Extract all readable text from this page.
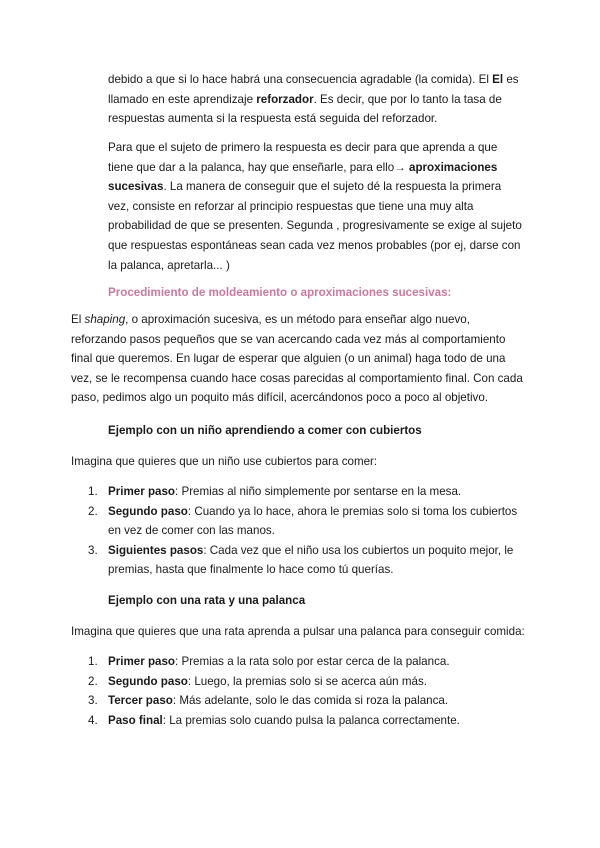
debido a que si lo hace habrá una consecuencia agradable (la comida). El El es llamado en este aprendizaje reforzador. Es decir, que por lo tanto la tasa de respuestas aumenta si la respuesta está seguida del reforzador.

Para que el sujeto de primero la respuesta es decir para que aprenda a que tiene que dar a la palanca, hay que enseñarle, para ello→ aproximaciones sucesivas. La manera de conseguir que el sujeto dé la respuesta la primera vez, consiste en reforzar al principio respuestas que tiene una muy alta probabilidad de que se presenten. Segunda , progresivamente se exige al sujeto que respuestas espontáneas sean cada vez menos probables (por ej, darse con la palanca, apretarla... )

Procedimiento de moldeamiento o aproximaciones sucesivas:

El shaping, o aproximación sucesiva, es un método para enseñar algo nuevo, reforzando pasos pequeños que se van acercando cada vez más al comportamiento final que queremos. En lugar de esperar que alguien (o un animal) haga todo de una vez, se le recompensa cuando hace cosas parecidas al comportamiento final. Con cada paso, pedimos algo un poquito más difícil, acercándonos poco a poco al objetivo.

Ejemplo con un niño aprendiendo a comer con cubiertos

Imagina que quieres que un niño use cubiertos para comer:

1. Primer paso: Premias al niño simplemente por sentarse en la mesa.
2. Segundo paso: Cuando ya lo hace, ahora le premias solo si toma los cubiertos en vez de comer con las manos.
3. Siguientes pasos: Cada vez que el niño usa los cubiertos un poquito mejor, le premias, hasta que finalmente lo hace como tú querías.

Ejemplo con una rata y una palanca

Imagina que quieres que una rata aprenda a pulsar una palanca para conseguir comida:

1. Primer paso: Premias a la rata solo por estar cerca de la palanca.
2. Segundo paso: Luego, la premias solo si se acerca aún más.
3. Tercer paso: Más adelante, solo le das comida si roza la palanca.
4. Paso final: La premias solo cuando pulsa la palanca correctamente.
